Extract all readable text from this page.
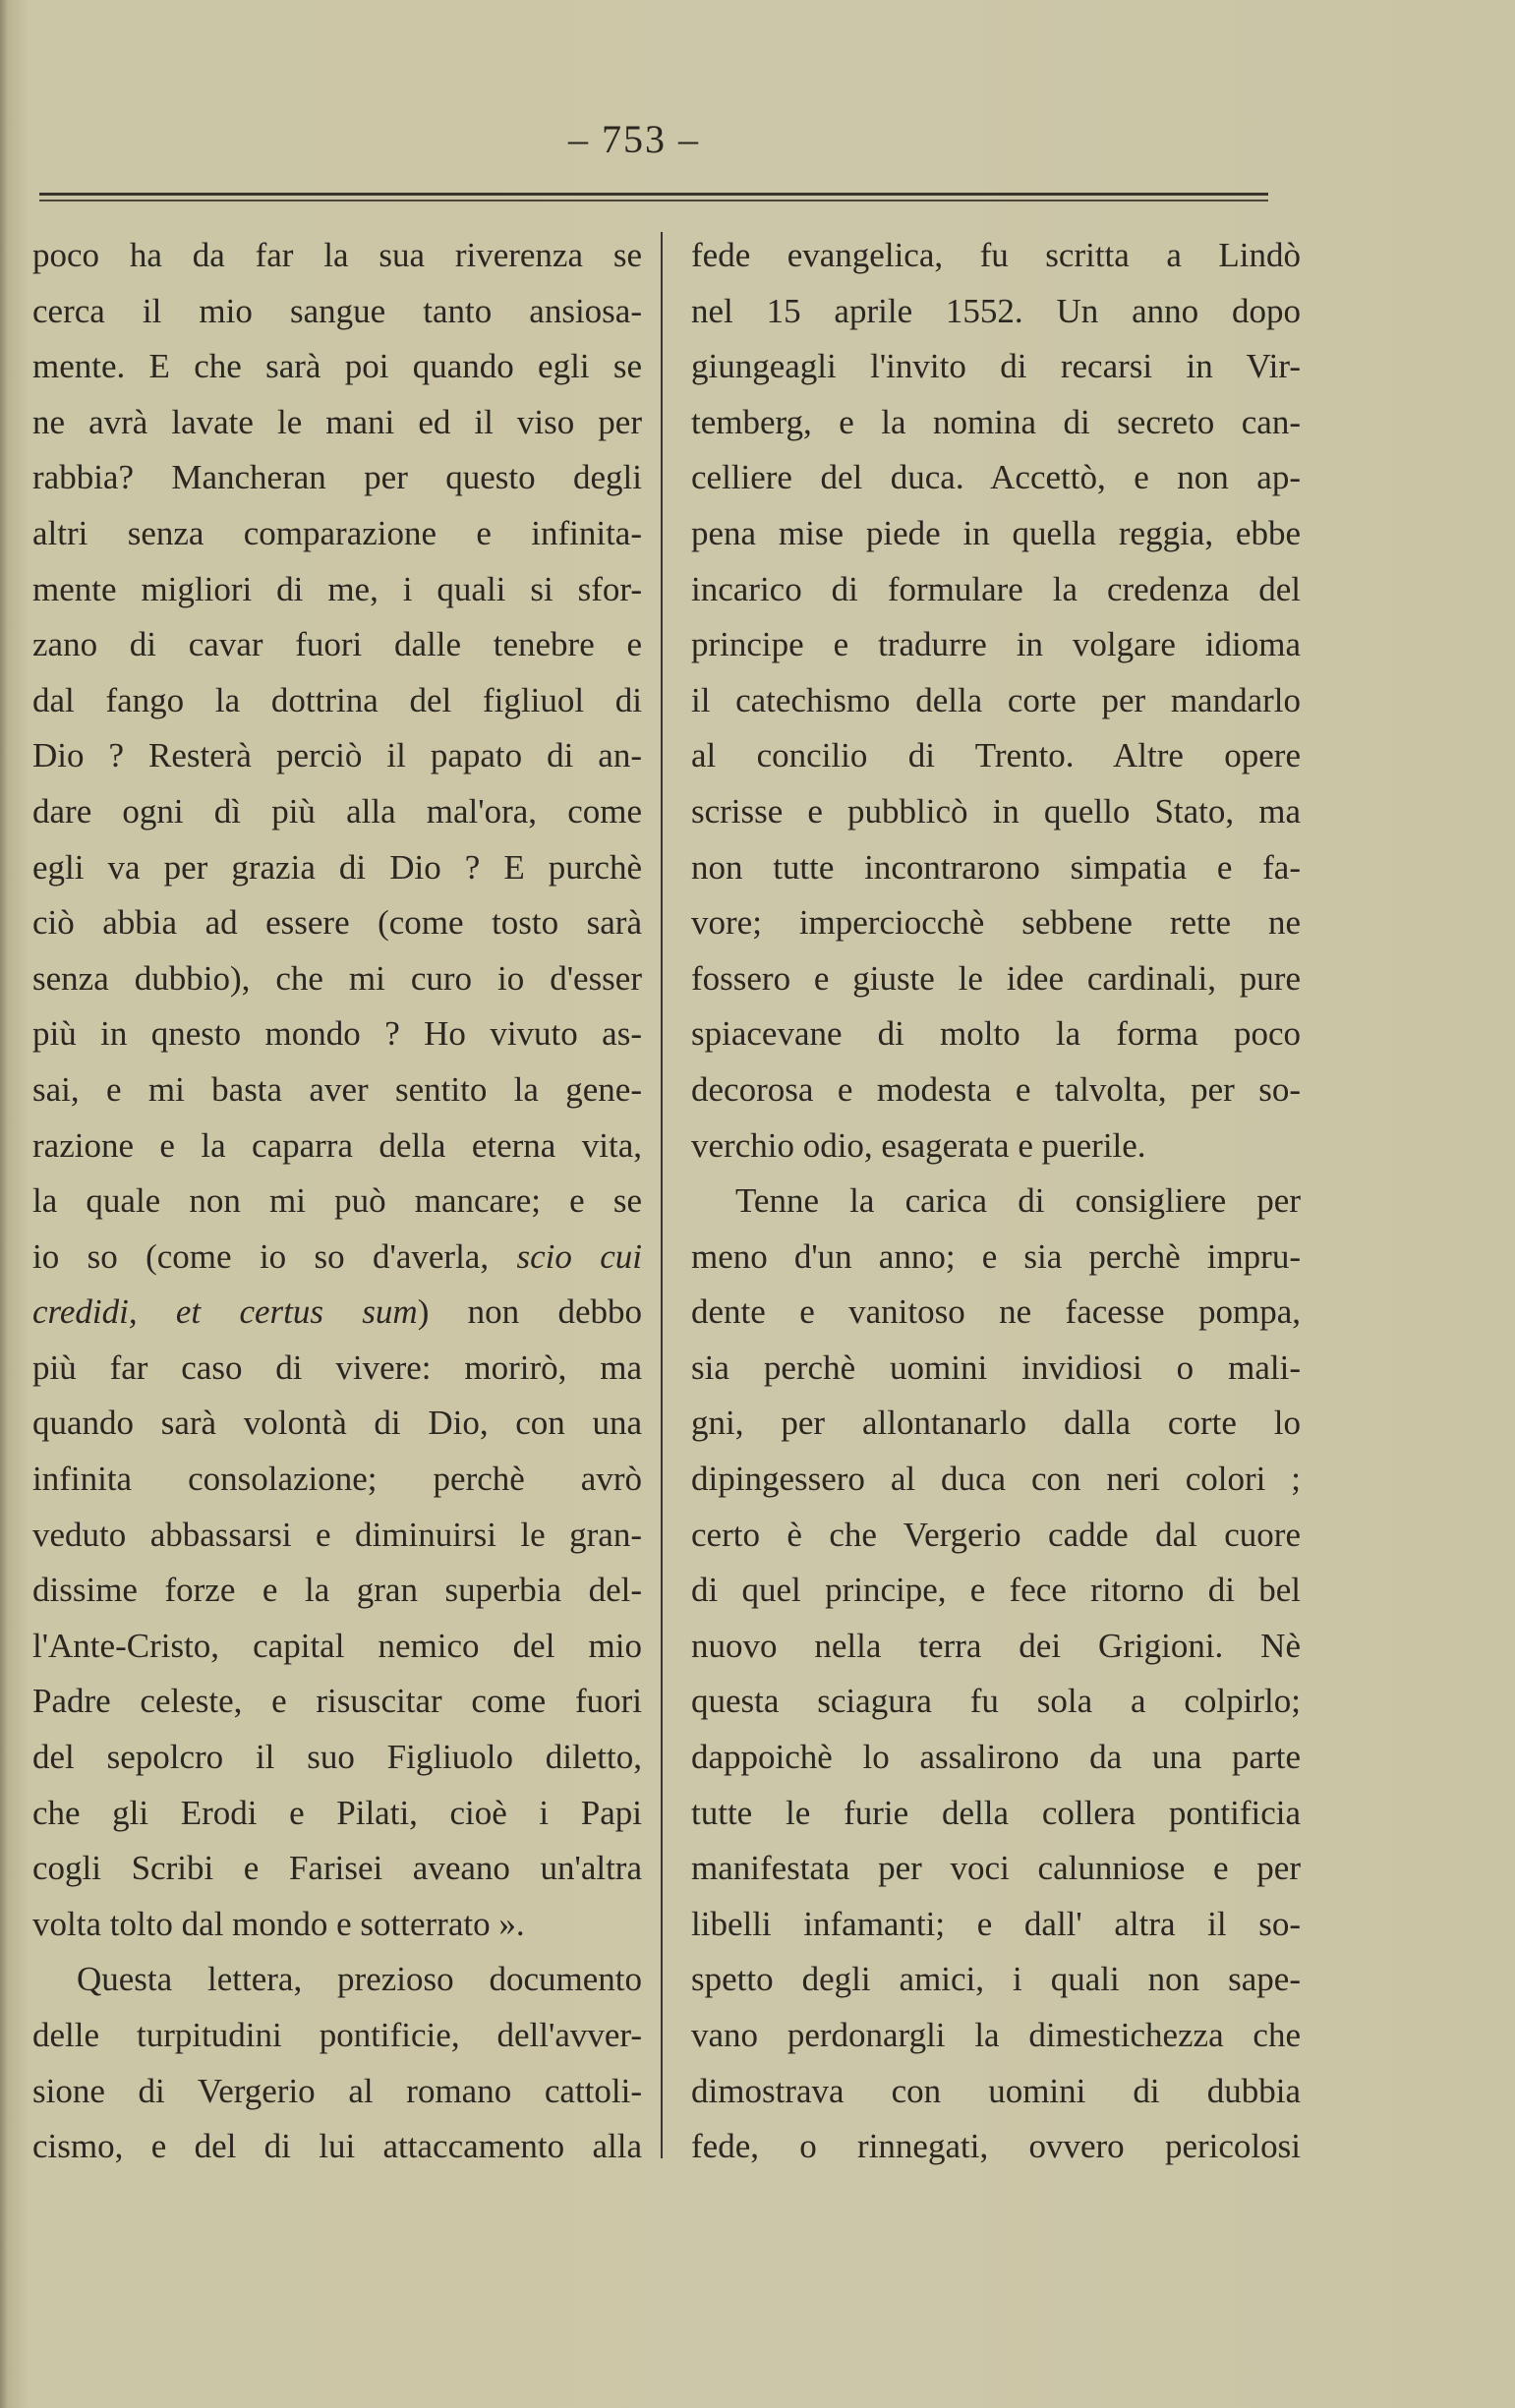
– 753 –
poco ha da far la sua riverenza se
cerca il mio sangue tanto ansiosa-
mente. E che sarà poi quando egli se
ne avrà lavate le mani ed il viso per
rabbia? Mancheran per questo degli
altri senza comparazione e infinita-
mente migliori di me, i quali si sfor-
zano di cavar fuori dalle tenebre e
dal fango la dottrina del figliuol di
Dio ? Resterà perciò il papato di an-
dare ogni dì più alla mal'ora, come
egli va per grazia di Dio ? E purchè
ciò abbia ad essere (come tosto sarà
senza dubbio), che mi curo io d'esser
più in qnesto mondo ? Ho vivuto as-
sai, e mi basta aver sentito la gene-
razione e la caparra della eterna vita,
la quale non mi può mancare; e se
io so (come io so d'averla, scio cui
credidi, et certus sum) non debbo
più far caso di vivere: morirò, ma
quando sarà volontà di Dio, con una
infinita consolazione; perchè avrò
veduto abbassarsi e diminuirsi le gran-
dissime forze e la gran superbia del-
l'Ante-Cristo, capital nemico del mio
Padre celeste, e risuscitar come fuori
del sepolcro il suo Figliuolo diletto,
che gli Erodi e Pilati, cioè i Papi
cogli Scribi e Farisei aveano un'altra
volta tolto dal mondo e sotterrato ».
Questa lettera, prezioso documento
delle turpitudini pontificie, dell'avver-
sione di Vergerio al romano cattoli-
cismo, e del di lui attaccamento alla
fede evangelica, fu scritta a Lindò
nel 15 aprile 1552. Un anno dopo
giungeagli l'invito di recarsi in Vir-
temberg, e la nomina di secreto can-
celliere del duca. Accettò, e non ap-
pena mise piede in quella reggia, ebbe
incarico di formulare la credenza del
principe e tradurre in volgare idioma
il catechismo della corte per mandarlo
al concilio di Trento. Altre opere
scrisse e pubblicò in quello Stato, ma
non tutte incontrarono simpatia e fa-
vore; imperciocchè sebbene rette ne
fossero e giuste le idee cardinali, pure
spiacevane di molto la forma poco
decorosa e modesta e talvolta, per so-
verchio odio, esagerata e puerile.
Tenne la carica di consigliere per
meno d'un anno; e sia perchè impru-
dente e vanitoso ne facesse pompa,
sia perchè uomini invidiosi o mali-
gni, per allontanarlo dalla corte lo
dipingessero al duca con neri colori ;
certo è che Vergerio cadde dal cuore
di quel principe, e fece ritorno di bel
nuovo nella terra dei Grigioni. Nè
questa sciagura fu sola a colpirlo;
dappoichè lo assalirono da una parte
tutte le furie della collera pontificia
manifestata per voci calunniose e per
libelli infamanti; e dall' altra il so-
spetto degli amici, i quali non sape-
vano perdonargli la dimestichezza che
dimostrava con uomini di dubbia
fede, o rinnegati, ovvero pericolosi
